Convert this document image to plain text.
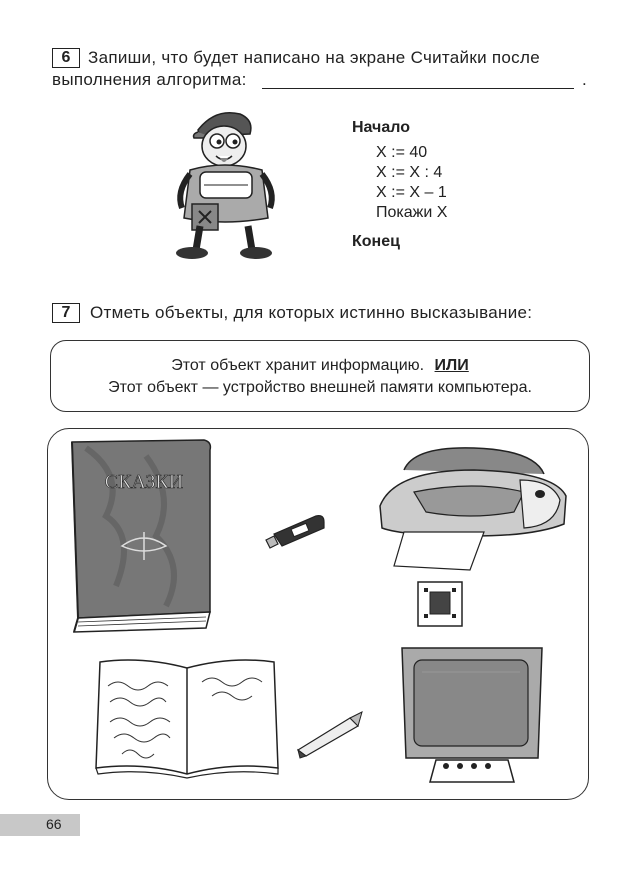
6	Запиши, что будет написано на экране Считайки после
выполнения алгоритма:	.
Начало
X := 40
X := X : 4
X := X – 1
Покажи X
Конец
7	Отметь объекты, для которых истинно высказывание:
Этот объект хранит информацию. ИЛИ
Этот объект — устройство внешней памяти компьютера.
СКАЗКИ
66
